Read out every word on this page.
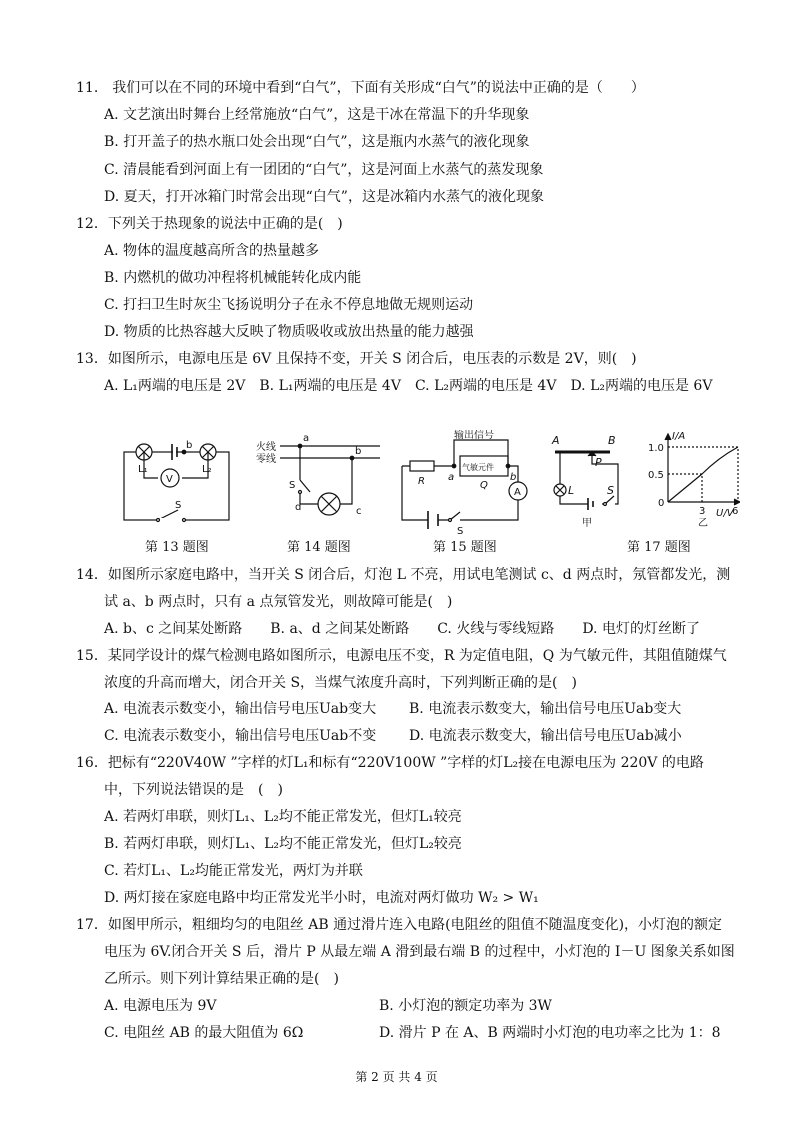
11.　我们可以在不同的环境中看到“白气”，下面有关形成“白气”的说法中正确的是（　　）
A. 文艺演出时舞台上经常施放“白气”，这是干冰在常温下的升华现象
B. 打开盖子的热水瓶口处会出现“白气”，这是瓶内水蒸气的液化现象
C. 清晨能看到河面上有一团团的“白气”，这是河面上水蒸气的蒸发现象
D. 夏天，打开冰箱门时常会出现“白气”，这是冰箱内水蒸气的液化现象
12．下列关于热现象的说法中正确的是(　)
A. 物体的温度越高所含的热量越多
B. 内燃机的做功冲程将机械能转化成内能
C. 打扫卫生时灰尘飞扬说明分子在永不停息地做无规则运动
D. 物质的比热容越大反映了物质吸收或放出热量的能力越强
13．如图所示，电源电压是 6V 且保持不变，开关 S 闭合后，电压表的示数是 2V，则(　)
A. L₁两端的电压是 2V　B. L₁两端的电压是 4V　C. L₂两端的电压是 4V　D. L₂两端的电压是 6V
b
L₁	L₂
V
S
火线
零线
a
b
S
d	c
输出信号
气敏元件
R a
Q
b
A
S
A	B
P
L	S
甲
I/A
1.0
0.5
0
3	6
U/V
乙
第 13 题图	第 14 题图	第 15 题图	第 17 题图
14．如图所示家庭电路中，当开关 S 闭合后，灯泡 L 不亮，用试电笔测试 c、d 两点时，氖管都发光，测
试 a、b 两点时，只有 a 点氖管发光，则故障可能是(　)
A. b、c 之间某处断路　　B. a、d 之间某处断路　　C. 火线与零线短路　　D. 电灯的灯丝断了
15．某同学设计的煤气检测电路如图所示，电源电压不变，R 为定值电阻，Q 为气敏元件，其阻值随煤气
浓度的升高而增大，闭合开关 S，当煤气浓度升高时，下列判断正确的是(　)
A. 电流表示数变小，输出信号电压Uab变大 B. 电流表示数变大，输出信号电压Uab变大
C. 电流表示数变小，输出信号电压Uab不变 D. 电流表示数变大，输出信号电压Uab减小
16．把标有“220V40W ”字样的灯L₁和标有“220V100W ”字样的灯L₂接在电源电压为 220V 的电路
中，下列说法错误的是　(　)
A. 若两灯串联，则灯L₁、L₂均不能正常发光，但灯L₁较亮
B. 若两灯串联，则灯L₁、L₂均不能正常发光，但灯L₂较亮
C. 若灯L₁、L₂均能正常发光，两灯为并联
D. 两灯接在家庭电路中均正常发光半小时，电流对两灯做功 W₂ > W₁
17．如图甲所示，粗细均匀的电阻丝 AB 通过滑片连入电路(电阻丝的阻值不随温度变化)，小灯泡的额定
电压为 6V.闭合开关 S 后，滑片 P 从最左端 A 滑到最右端 B 的过程中，小灯泡的 I－U 图象关系如图
乙所示。则下列计算结果正确的是(　)
A. 电源电压为 9V	B. 小灯泡的额定功率为 3W
C. 电阻丝 AB 的最大阻值为 6Ω	D. 滑片 P 在 A、B 两端时小灯泡的电功率之比为 1：8
第 2 页 共 4 页
